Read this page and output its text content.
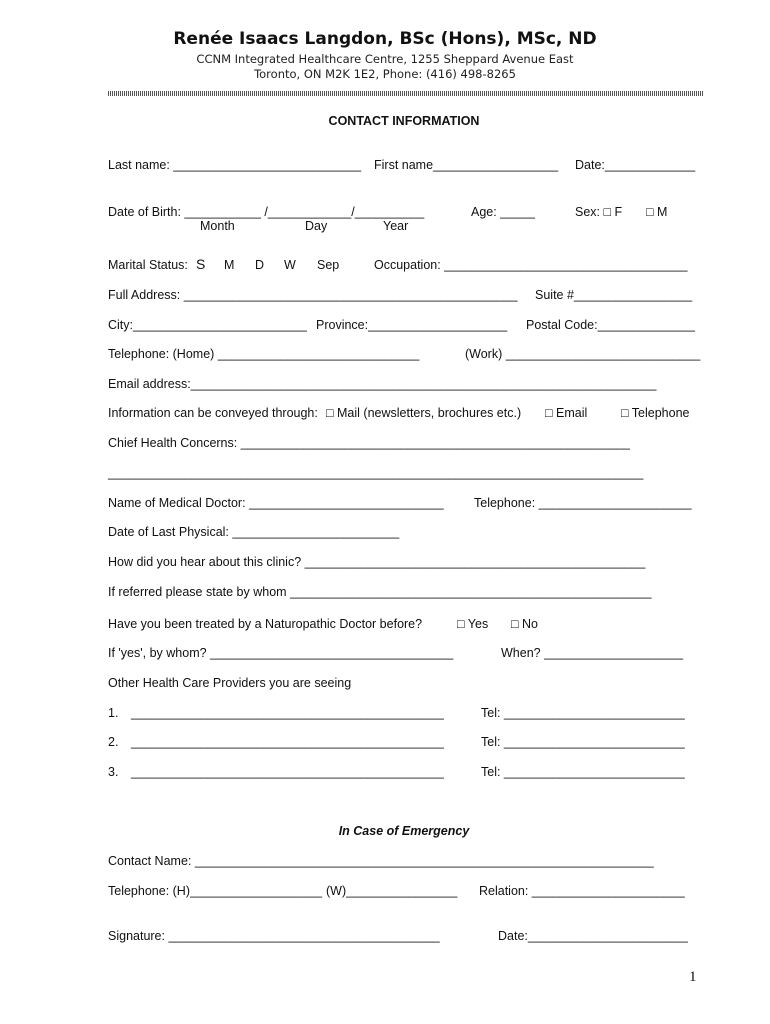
Renée Isaacs Langdon, BSc (Hons), MSc, ND
CCNM Integrated Healthcare Centre, 1255 Sheppard Avenue East
Toronto, ON M2K 1E2, Phone: (416) 498-8265
CONTACT INFORMATION
Last name: ___________________________ First name__________________ Date:_____________
Date of Birth: ___________ /____________/__________
Month	Day	Year
Age: _____	Sex: □ F □ M
Marital Status: S M D W Sep	Occupation: ___________________________________
Full Address: ________________________________________________ Suite #_________________
City:_________________________ Province:____________________ Postal Code:______________
Telephone: (Home) _____________________________	(Work) ____________________________
Email address:___________________________________________________________________
Information can be conveyed through: □ Mail (newsletters, brochures etc.) □ Email	□ Telephone
Chief Health Concerns: ________________________________________________________
_____________________________________________________________________________
Name of Medical Doctor: ____________________________ Telephone: ______________________
Date of Last Physical: ________________________
How did you hear about this clinic? _________________________________________________
If referred please state by whom ____________________________________________________
Have you been treated by a Naturopathic Doctor before?	□ Yes □ No
If 'yes', by whom? ___________________________________	When? ____________________
Other Health Care Providers you are seeing
1. _____________________________________________	Tel: __________________________
2. _____________________________________________	Tel: __________________________
3. _____________________________________________	Tel: __________________________
In Case of Emergency
Contact Name: __________________________________________________________________
Telephone: (H)___________________ (W)________________ Relation: ______________________
Signature: _______________________________________	Date:_______________________
1
